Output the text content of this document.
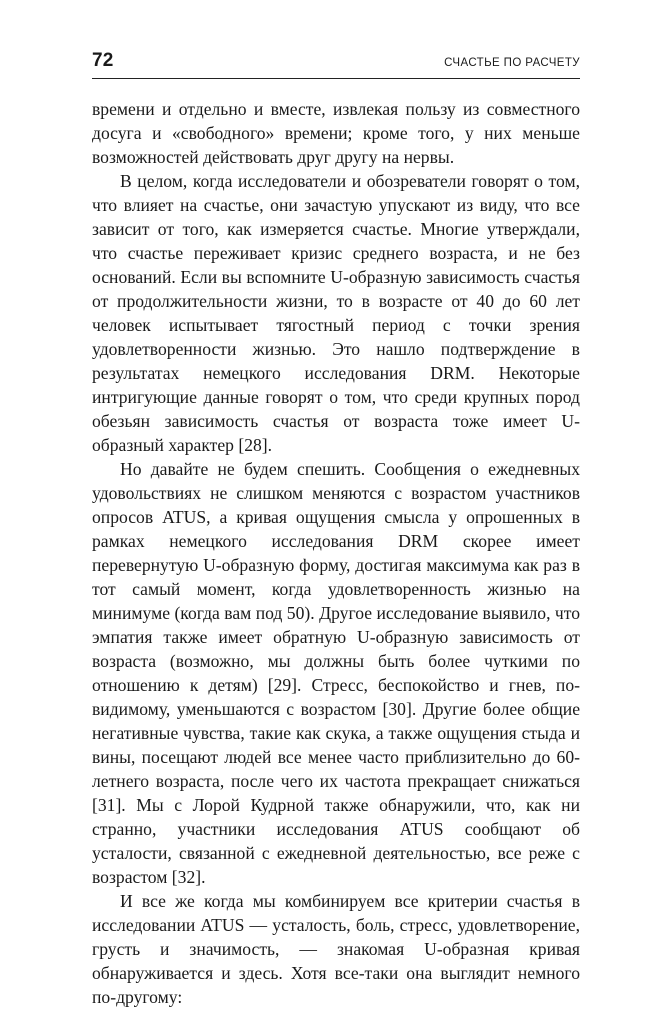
72	СЧАСТЬЕ ПО РАСЧЕТУ

времени и отдельно и вместе, извлекая пользу из совместного досуга и «свободного» времени; кроме того, у них меньше возможностей действовать друг другу на нервы.

В целом, когда исследователи и обозреватели говорят о том, что влияет на счастье, они зачастую упускают из виду, что все зависит от того, как измеряется счастье. Многие утверждали, что счастье переживает кризис среднего возраста, и не без оснований. Если вы вспомните U-образную зависимость счастья от продолжительности жизни, то в возрасте от 40 до 60 лет человек испытывает тягостный период с точки зрения удовлетворенности жизнью. Это нашло подтверждение в результатах немецкого исследования DRM. Некоторые интригующие данные говорят о том, что среди крупных пород обезьян зависимость счастья от возраста тоже имеет U-образный характер [28].

Но давайте не будем спешить. Сообщения о ежедневных удовольствиях не слишком меняются с возрастом участников опросов ATUS, а кривая ощущения смысла у опрошенных в рамках немецкого исследования DRM скорее имеет перевернутую U-образную форму, достигая максимума как раз в тот самый момент, когда удовлетворенность жизнью на минимуме (когда вам под 50). Другое исследование выявило, что эмпатия также имеет обратную U-образную зависимость от возраста (возможно, мы должны быть более чуткими по отношению к детям) [29]. Стресс, беспокойство и гнев, по-видимому, уменьшаются с возрастом [30]. Другие более общие негативные чувства, такие как скука, а также ощущения стыда и вины, посещают людей все менее часто приблизительно до 60-летнего возраста, после чего их частота прекращает снижаться [31]. Мы с Лорой Кудрной также обнаружили, что, как ни странно, участники исследования ATUS сообщают об усталости, связанной с ежедневной деятельностью, все реже с возрастом [32].

И все же когда мы комбинируем все критерии счастья в исследовании ATUS — усталость, боль, стресс, удовлетворение, грусть и значимость, — знакомая U-образная кривая обнаруживается и здесь. Хотя все-таки она выглядит немного по-другому:
